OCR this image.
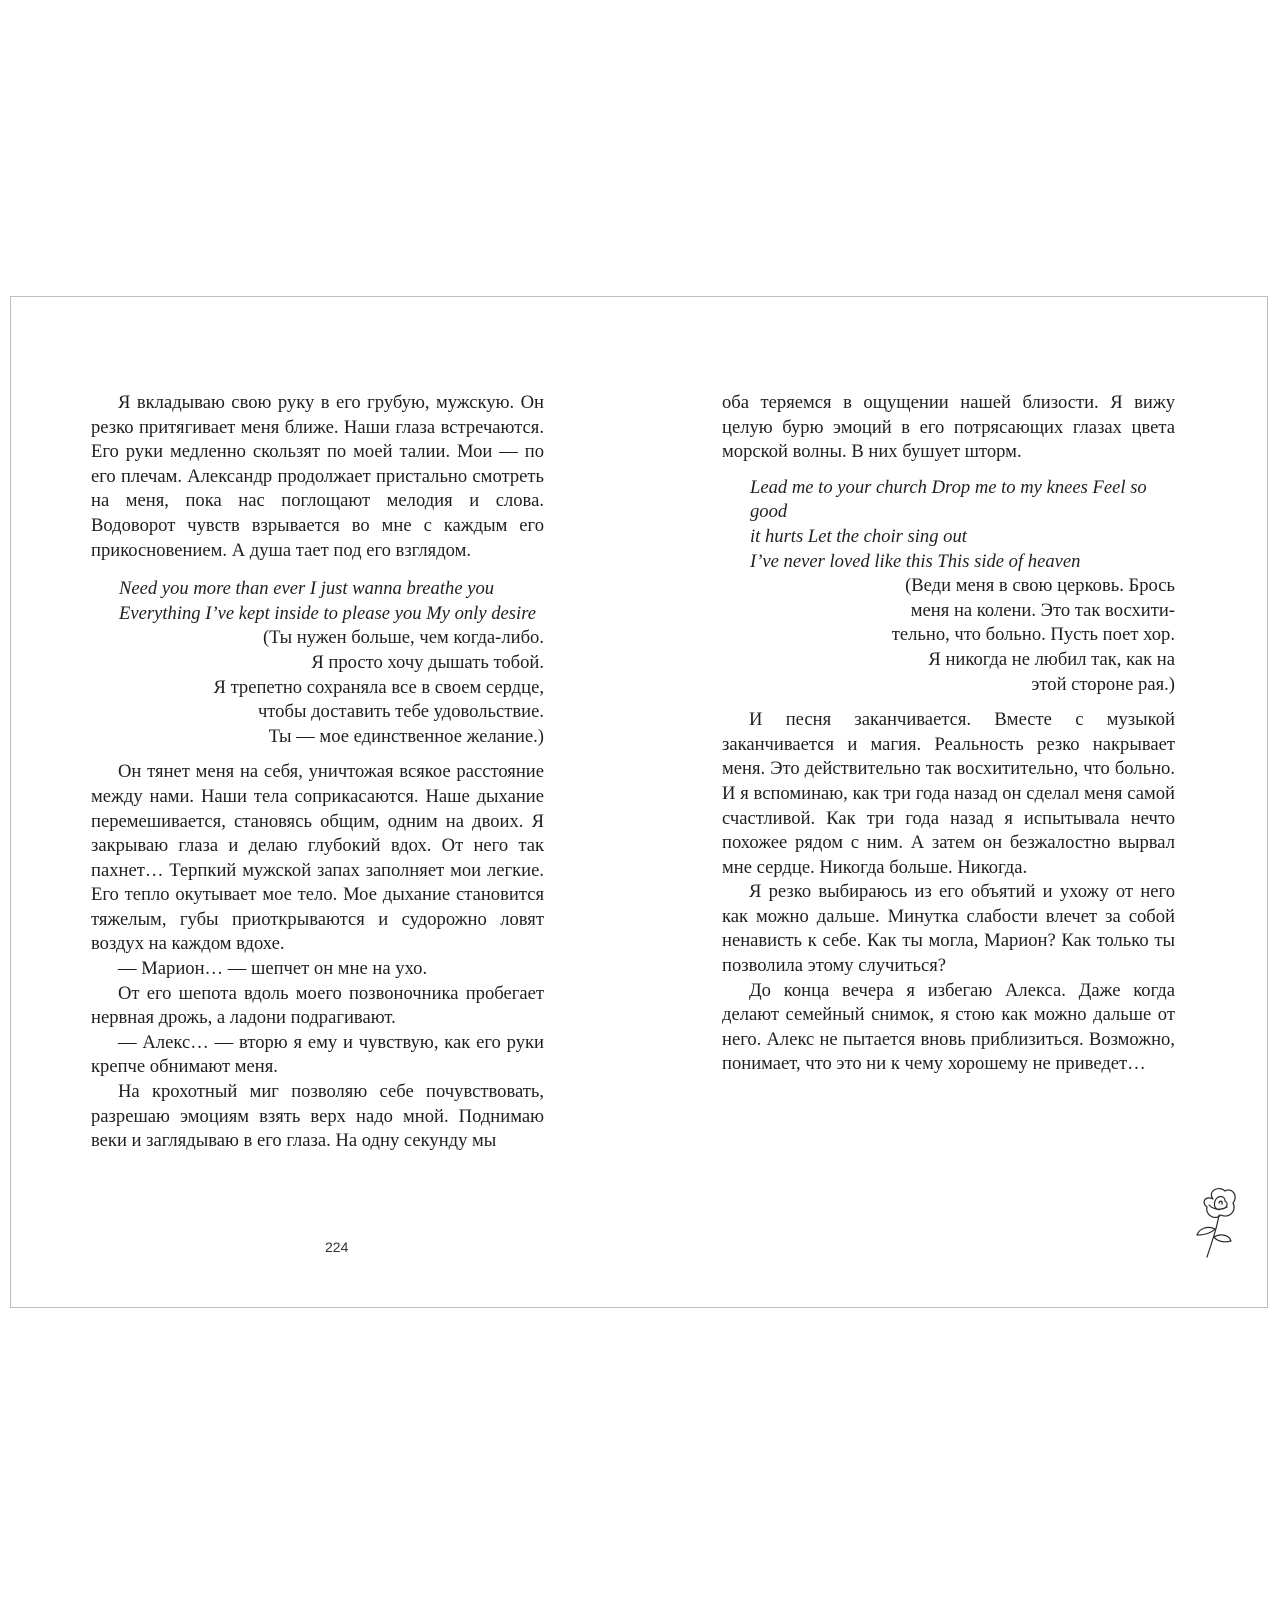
Я вкладываю свою руку в его грубую, мужскую. Он резко притягивает меня ближе. Наши глаза встречаются. Его руки медленно скользят по моей талии. Мои — по его плечам. Александр продолжает пристально смотреть на меня, пока нас поглощают мелодия и слова. Водоворот чувств взрывается во мне с каждым его прикосновением. А душа тает под его взглядом.

Need you more than ever I just wanna breathe you

Everything I’ve kept inside to please you My only desire

(Ты нужен больше, чем когда-либо.

Я просто хочу дышать тобой.

Я трепетно сохраняла все в своем сердце,

чтобы доставить тебе удовольствие.

Ты — мое единственное желание.)

Он тянет меня на себя, уничтожая всякое расстояние между нами. Наши тела соприкасаются. Наше дыхание перемешивается, становясь общим, одним на двоих. Я закрываю глаза и делаю глубокий вдох. От него так пахнет… Терпкий мужской запах заполняет мои легкие. Его тепло окутывает мое тело. Мое дыхание становится тяжелым, губы приоткрываются и судорожно ловят воздух на каждом вдохе.

— Марион… — шепчет он мне на ухо.

От его шепота вдоль моего позвоночника пробегает нервная дрожь, а ладони подрагивают.

— Алекс… — вторю я ему и чувствую, как его руки крепче обнимают меня.

На крохотный миг позволяю себе почувствовать, разрешаю эмоциям взять верх надо мной. Поднимаю веки и заглядываю в его глаза. На одну секунду мы

224

оба теряемся в ощущении нашей близости. Я вижу целую бурю эмоций в его потрясающих глазах цвета морской волны. В них бушует шторм.

Lead me to your church Drop me to my knees Feel so good

it hurts Let the choir sing out

I’ve never loved like this This side of heaven

(Веди меня в свою церковь. Брось

меня на колени. Это так восхити-

тельно, что больно. Пусть поет хор.

Я никогда не любил так, как на

этой стороне рая.)

И песня заканчивается. Вместе с музыкой заканчивается и магия. Реальность резко накрывает меня. Это действительно так восхитительно, что больно. И я вспоминаю, как три года назад он сделал меня самой счастливой. Как три года назад я испытывала нечто похожее рядом с ним. А затем он безжалостно вырвал мне сердце. Никогда больше. Никогда.

Я резко выбираюсь из его объятий и ухожу от него как можно дальше. Минутка слабости влечет за собой ненависть к себе. Как ты могла, Марион? Как только ты позволила этому случиться?

До конца вечера я избегаю Алекса. Даже когда делают семейный снимок, я стою как можно дальше от него. Алекс не пытается вновь приблизиться. Возможно, понимает, что это ни к чему хорошему не приведет…
